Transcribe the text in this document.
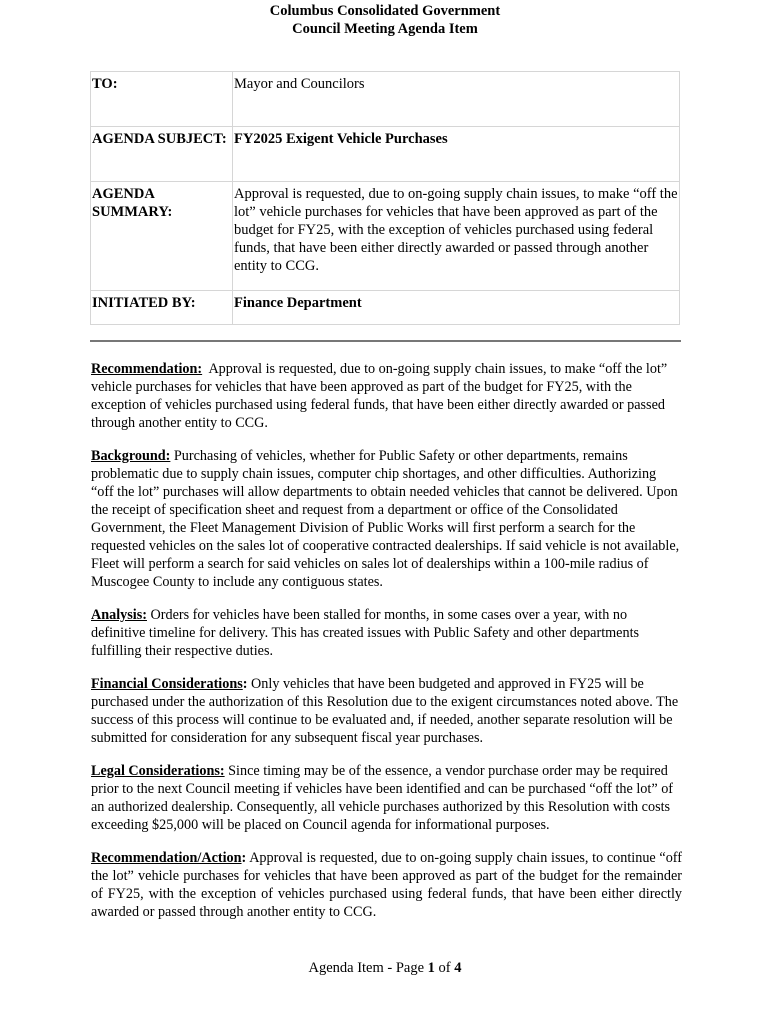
Columbus Consolidated Government
Council Meeting Agenda Item
TO:	Mayor and Councilors
AGENDA SUBJECT:	FY2025 Exigent Vehicle Purchases
AGENDA SUMMARY:	Approval is requested, due to on-going supply chain issues, to make “off the lot” vehicle purchases for vehicles that have been approved as part of the budget for FY25, with the exception of vehicles purchased using federal funds, that have been either directly awarded or passed through another entity to CCG.
INITIATED BY:	Finance Department

Recommendation: Approval is requested, due to on-going supply chain issues, to make “off the lot” vehicle purchases for vehicles that have been approved as part of the budget for FY25, with the exception of vehicles purchased using federal funds, that have been either directly awarded or passed through another entity to CCG.

Background: Purchasing of vehicles, whether for Public Safety or other departments, remains problematic due to supply chain issues, computer chip shortages, and other difficulties. Authorizing “off the lot” purchases will allow departments to obtain needed vehicles that cannot be delivered. Upon the receipt of specification sheet and request from a department or office of the Consolidated Government, the Fleet Management Division of Public Works will first perform a search for the requested vehicles on the sales lot of cooperative contracted dealerships. If said vehicle is not available, Fleet will perform a search for said vehicles on sales lot of dealerships within a 100-mile radius of Muscogee County to include any contiguous states.

Analysis: Orders for vehicles have been stalled for months, in some cases over a year, with no definitive timeline for delivery. This has created issues with Public Safety and other departments fulfilling their respective duties.

Financial Considerations: Only vehicles that have been budgeted and approved in FY25 will be purchased under the authorization of this Resolution due to the exigent circumstances noted above. The success of this process will continue to be evaluated and, if needed, another separate resolution will be submitted for consideration for any subsequent fiscal year purchases.

Legal Considerations: Since timing may be of the essence, a vendor purchase order may be required prior to the next Council meeting if vehicles have been identified and can be purchased “off the lot” of an authorized dealership. Consequently, all vehicle purchases authorized by this Resolution with costs exceeding $25,000 will be placed on Council agenda for informational purposes.

Recommendation/Action: Approval is requested, due to on-going supply chain issues, to continue “off the lot” vehicle purchases for vehicles that have been approved as part of the budget for the remainder of FY25, with the exception of vehicles purchased using federal funds, that have been either directly awarded or passed through another entity to CCG.

Agenda Item - Page 1 of 4
